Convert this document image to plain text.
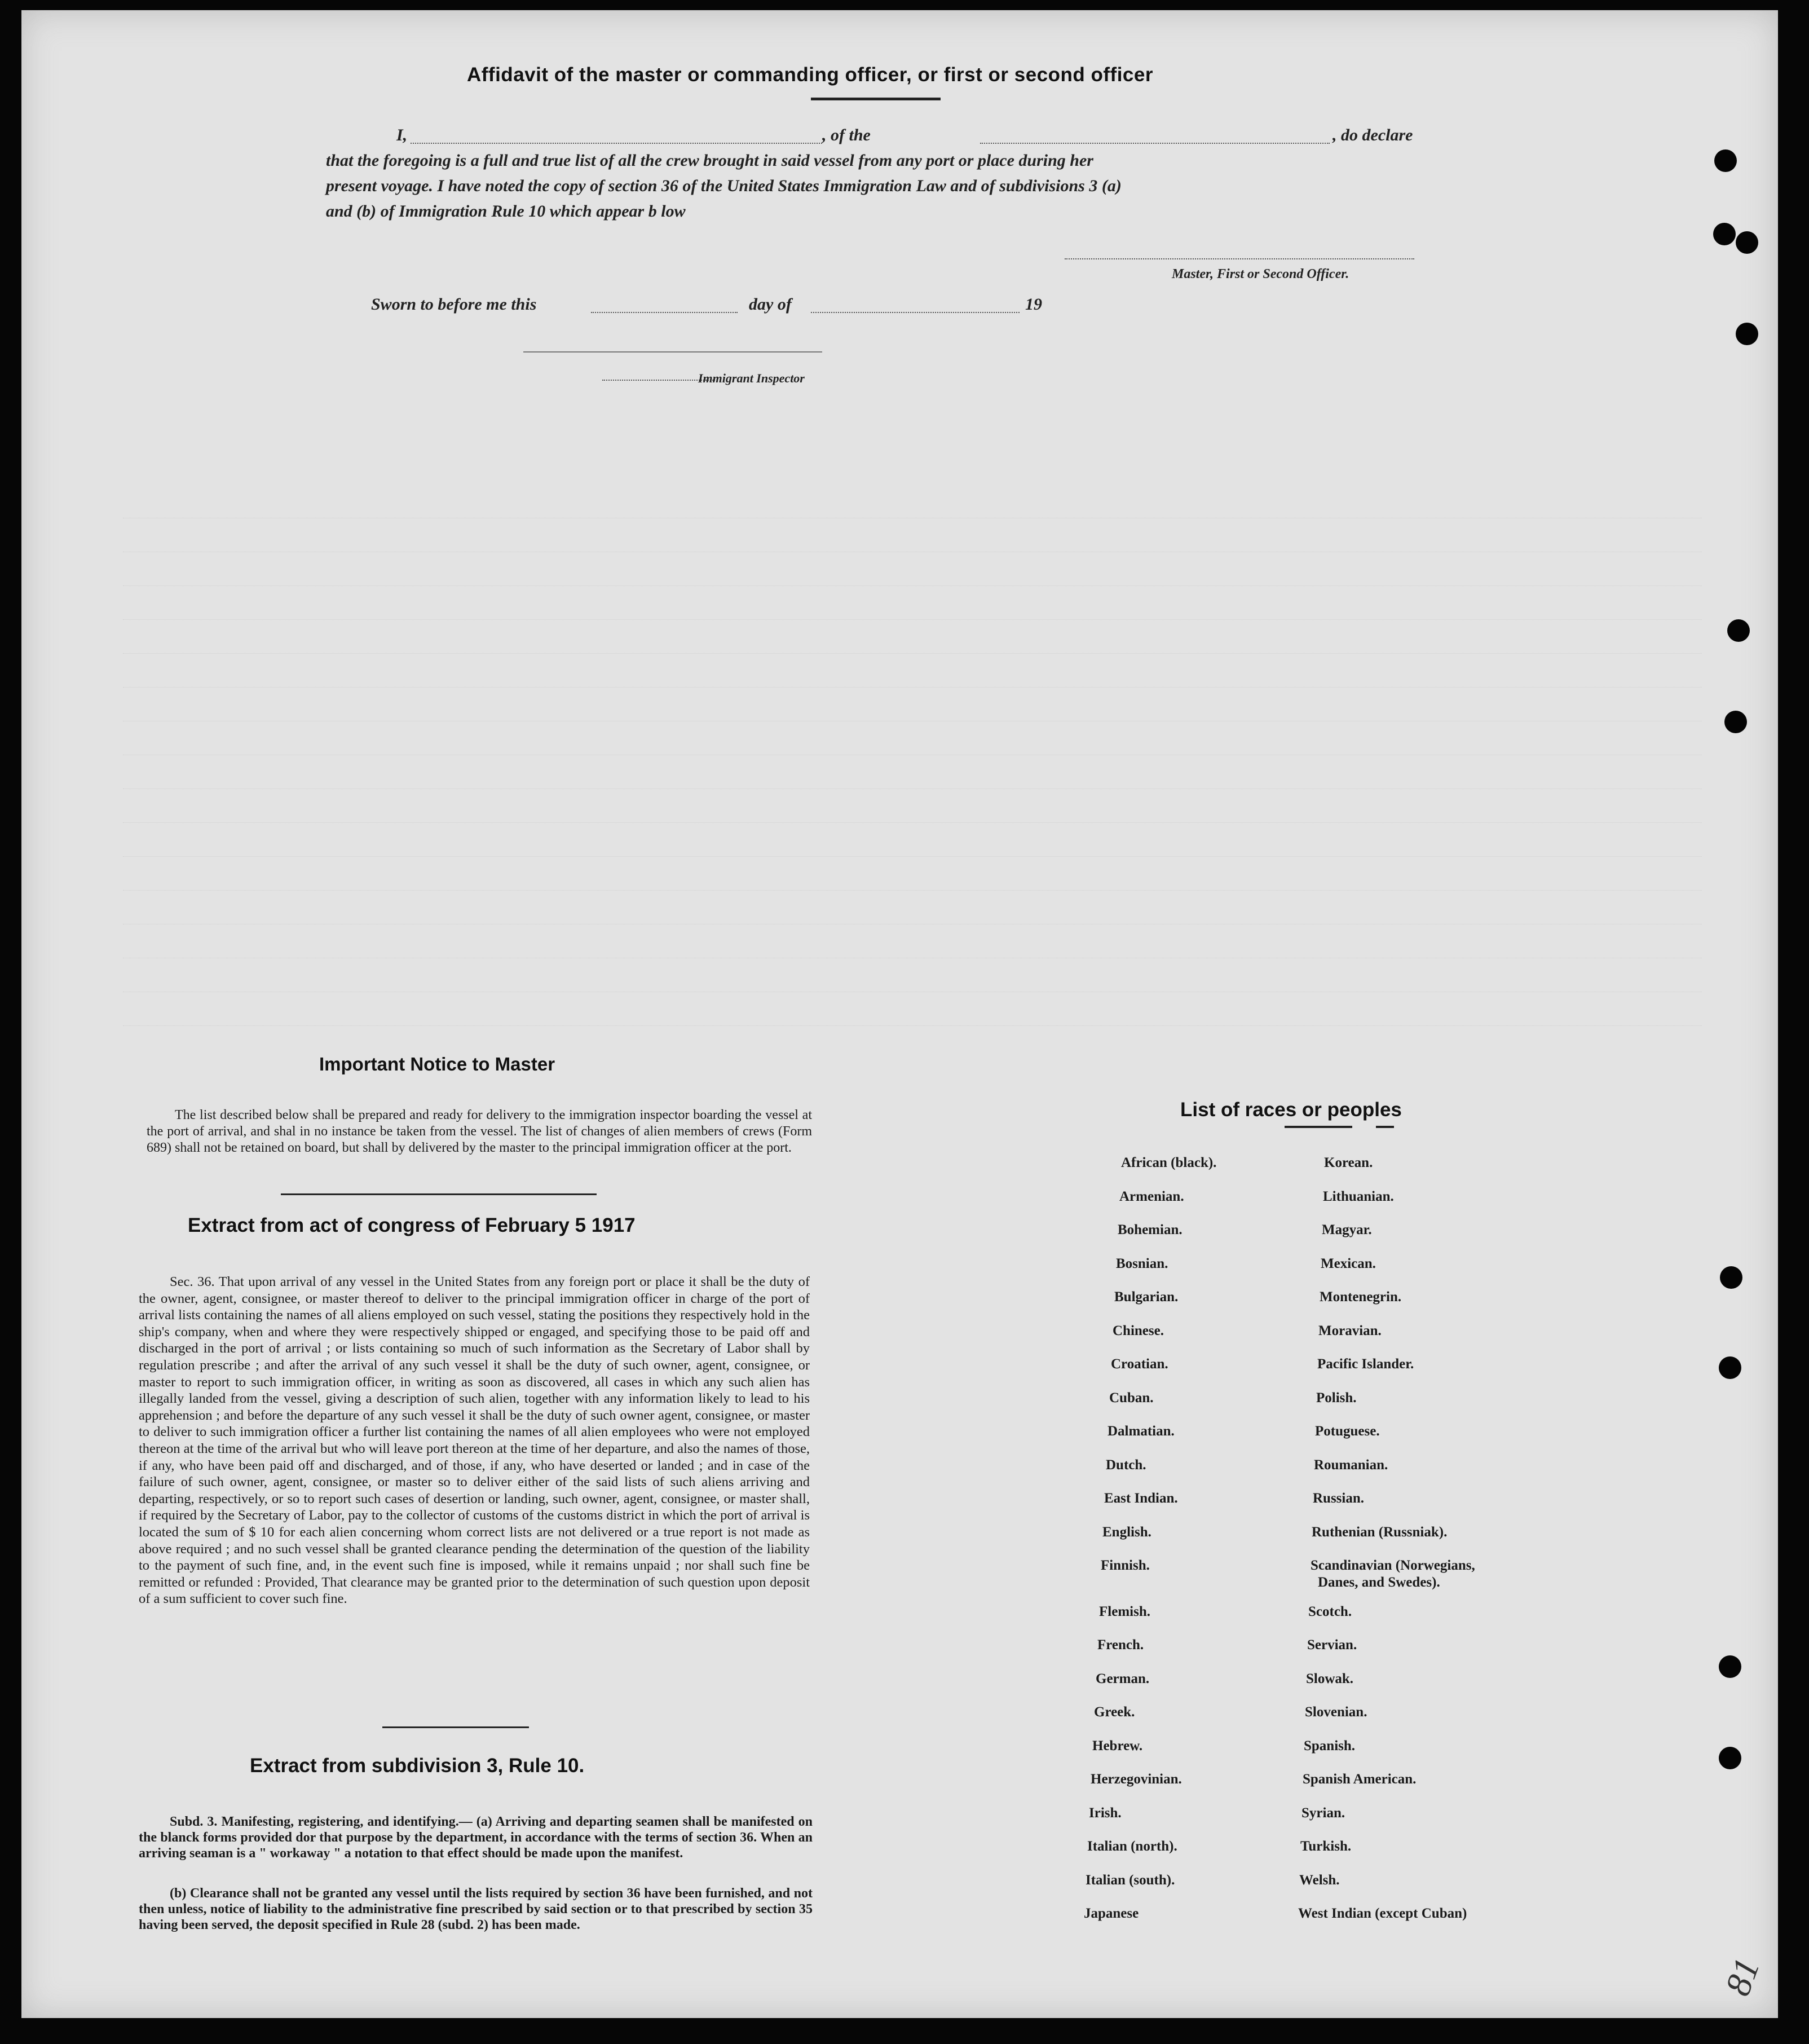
Affidavit of the master or commanding officer, or first or second officer
I,	, of the	, do declare
that the foregoing is a full and true list of all the crew brought in said vessel from any port or place during her
present voyage. I have noted the copy of section 36 of the United States Immigration Law and of subdivisions 3 (a)
and (b) of Immigration Rule 10 which appear b low
Master, First or Second Officer.
Sworn to before me this	day of	19
Immigrant Inspector
Important Notice to Master

The list described below shall be prepared and ready for delivery to the immigration inspector boarding the vessel at the port of arrival, and shal in no instance be taken from the vessel. The list of changes of alien members of crews (Form 689) shall not be retained on board, but shall by delivered by the master to the principal immigration officer at the port.

Extract from act of congress of February 5 1917

Sec. 36. That upon arrival of any vessel in the United States from any foreign port or place it shall be the duty of the owner, agent, consignee, or master thereof to deliver to the principal immigration officer in charge of the port of arrival lists containing the names of all aliens employed on such vessel, stating the positions they respectively hold in the ship's company, when and where they were respectively shipped or engaged, and specifying those to be paid off and discharged in the port of arrival ; or lists containing so much of such information as the Secretary of Labor shall by regulation prescribe ; and after the arrival of any such vessel it shall be the duty of such owner, agent, consignee, or master to report to such immigration officer, in writing as soon as discovered, all cases in which any such alien has illegally landed from the vessel, giving a description of such alien, together with any information likely to lead to his apprehension ; and before the departure of any such vessel it shall be the duty of such owner agent, consignee, or master to deliver to such immigration officer a further list containing the names of all alien employees who were not employed thereon at the time of the arrival but who will leave port thereon at the time of her departure, and also the names of those, if any, who have been paid off and discharged, and of those, if any, who have deserted or landed ; and in case of the failure of such owner, agent, consignee, or master so to deliver either of the said lists of such aliens arriving and departing, respectively, or so to report such cases of desertion or landing, such owner, agent, consignee, or master shall, if required by the Secretary of Labor, pay to the collector of customs of the customs district in which the port of arrival is located the sum of $ 10 for each alien concerning whom correct lists are not delivered or a true report is not made as above required ; and no such vessel shall be granted clearance pending the determination of the question of the liability to the payment of such fine, and, in the event such fine is imposed, while it remains unpaid ; nor shall such fine be remitted or refunded : Provided, That clearance may be granted prior to the determination of such question upon deposit of a sum sufficient to cover such fine.

Extract from subdivision 3, Rule 10.

Subd. 3. Manifesting, registering, and identifying.— (a) Arriving and departing seamen shall be manifested on the blanck forms provided dor that purpose by the department, in accordance with the terms of section 36. When an arriving seaman is a " workaway " a notation to that effect should be made upon the manifest.

(b) Clearance shall not be granted any vessel until the lists required by section 36 have been furnished, and not then unless, notice of liability to the administrative fine prescribed by said section or to that prescribed by section 35 having been served, the deposit specified in Rule 28 (subd. 2) has been made.

List of races or peoples
African (black).
Armenian.
Bohemian.
Bosnian.
Bulgarian.
Chinese.
Croatian.
Cuban.
Dalmatian.
Dutch.
East Indian.
English.
Finnish.
Flemish.
French.
German.
Greek.
Hebrew.
Herzegovinian.
Irish.
Italian (north).
Italian (south).
Japanese
Korean.
Lithuanian.
Magyar.
Mexican.
Montenegrin.
Moravian.
Pacific Islander.
Polish.
Potuguese.
Roumanian.
Russian.
Ruthenian (Russniak).
Scandinavian (Norwegians,
Danes, and Swedes).
Scotch.
Servian.
Slowak.
Slovenian.
Spanish.
Spanish American.
Syrian.
Turkish.
Welsh.
West Indian (except Cuban)
81
